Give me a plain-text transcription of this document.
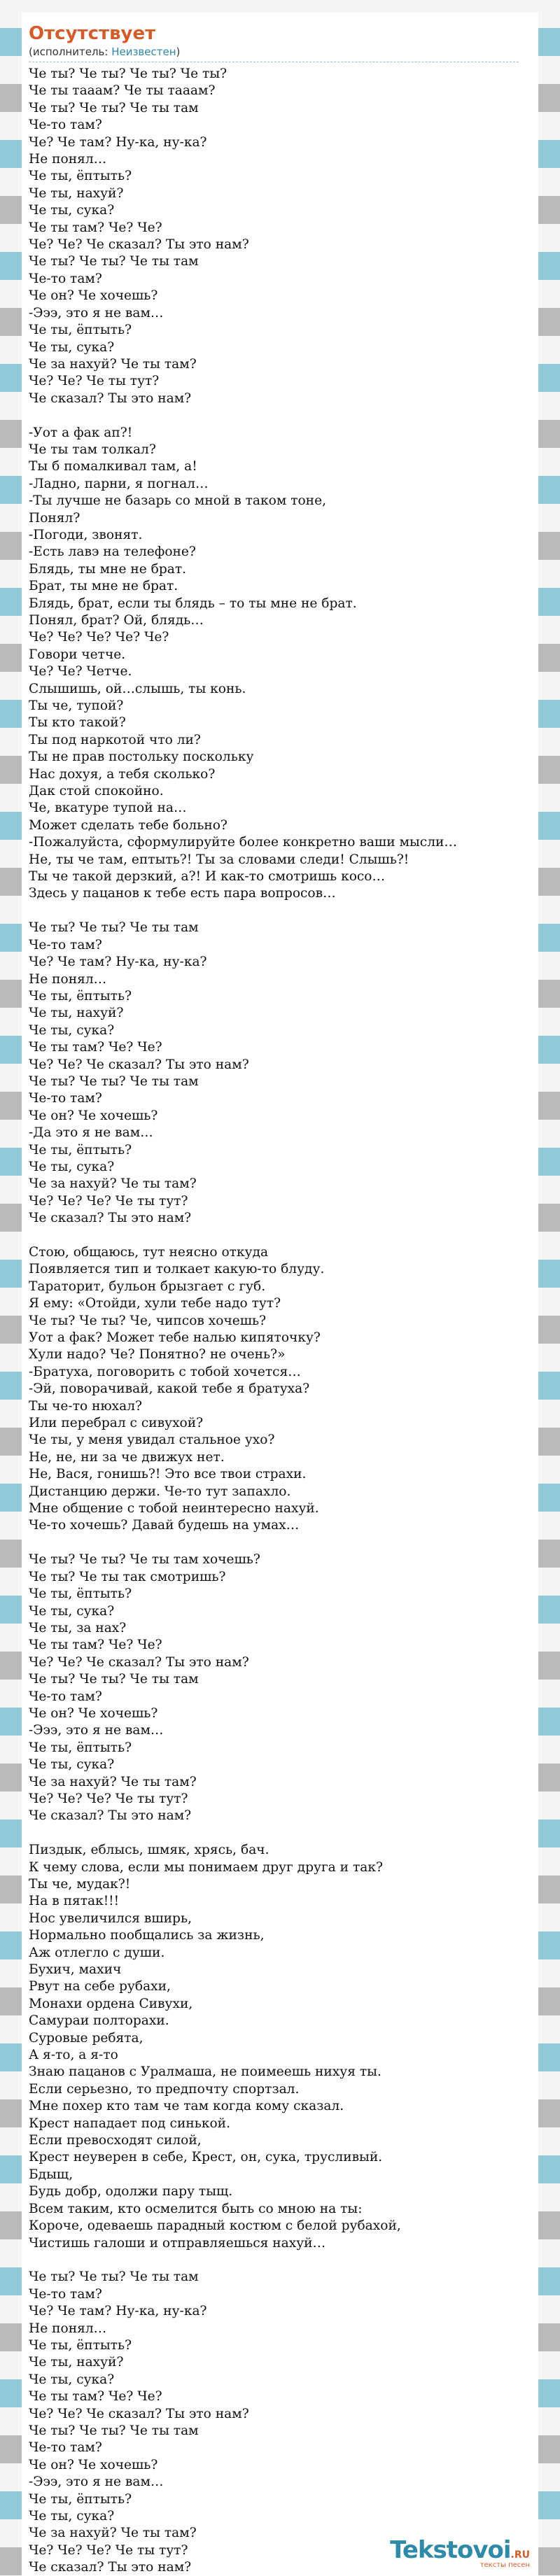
Отсутствует
(исполнитель: Неизвестен)
Че ты? Че ты? Че ты? Че ты?
Че ты тааам? Че ты тааам?
Че ты? Че ты? Че ты там
Че-то там?
Че? Че там? Ну-ка, ну-ка?
Не понял…
Че ты, ёптыть?
Че ты, нахуй?
Че ты, сука?
Че ты там? Че? Че?
Че? Че? Че сказал? Ты это нам?
Че ты? Че ты? Че ты там
Че-то там?
Че он? Че хочешь?
-Эээ, это я не вам…
Че ты, ёптыть?
Че ты, сука?
Че за нахуй? Че ты там?
Че? Че? Че ты тут?
Че сказал? Ты это нам?
-Уот а фак ап?!
Че ты там толкал?
Ты б помалкивал там, а!
-Ладно, парни, я погнал…
-Ты лучше не базарь со мной в таком тоне,
Понял?
-Погоди, звонят.
-Есть лавэ на телефоне?
Блядь, ты мне не брат.
Брат, ты мне не брат.
Блядь, брат, если ты блядь – то ты мне не брат.
Понял, брат? Ой, блядь…
Че? Че? Че? Че? Че?
Говори четче.
Че? Че? Четче.
Слышишь, ой…слышь, ты конь.
Ты че, тупой?
Ты кто такой?
Ты под наркотой что ли?
Ты не прав постольку поскольку
Нас дохуя, а тебя сколько?
Дак стой спокойно.
Че, вкатуре тупой на…
Может сделать тебе больно?
-Пожалуйста, сформулируйте более конкретно ваши мысли…
Не, ты че там, ептыть?! Ты за словами следи! Слышь?!
Ты че такой дерзкий, а?! И как-то смотришь косо…
Здесь у пацанов к тебе есть пара вопросов…
Че ты? Че ты? Че ты там
Че-то там?
Че? Че там? Ну-ка, ну-ка?
Не понял…
Че ты, ёптыть?
Че ты, нахуй?
Че ты, сука?
Че ты там? Че? Че?
Че? Че? Че сказал? Ты это нам?
Че ты? Че ты? Че ты там
Че-то там?
Че он? Че хочешь?
-Да это я не вам…
Че ты, ёптыть?
Че ты, сука?
Че за нахуй? Че ты там?
Че? Че? Че? Че ты тут?
Че сказал? Ты это нам?
Стою, общаюсь, тут неясно откуда
Появляется тип и толкает какую-то блуду.
Тараторит, бульон брызгает с губ.
Я ему: «Отойди, хули тебе надо тут?
Че ты? Че ты? Че, чипсов хочешь?
Уот а фак? Может тебе налью кипяточку?
Хули надо? Че? Понятно? не очень?»
-Братуха, поговорить с тобой хочется…
-Эй, поворачивай, какой тебе я братуха?
Ты че-то нюхал?
Или перебрал с сивухой?
Че ты, у меня увидал стальное ухо?
Не, не, ни за че движух нет.
Не, Вася, гонишь?! Это все твои страхи.
Дистанцию держи. Че-то тут запахло.
Мне общение с тобой неинтересно нахуй.
Че-то хочешь? Давай будешь на умах…
Че ты? Че ты? Че ты там хочешь?
Че ты? Че ты так смотришь?
Че ты, ёптыть?
Че ты, сука?
Че ты, за нах?
Че ты там? Че? Че?
Че? Че? Че сказал? Ты это нам?
Че ты? Че ты? Че ты там
Че-то там?
Че он? Че хочешь?
-Эээ, это я не вам…
Че ты, ёптыть?
Че ты, сука?
Че за нахуй? Че ты там?
Че? Че? Че? Че ты тут?
Че сказал? Ты это нам?
Пиздык, еблысь, шмяк, хрясь, бач.
К чему слова, если мы понимаем друг друга и так?
Ты че, мудак?!
На в пятак!!!
Нос увеличился вширь,
Нормально пообщались за жизнь,
Аж отлегло с души.
Бухич, махич
Рвут на себе рубахи,
Монахи ордена Сивухи,
Самураи полторахи.
Суровые ребята,
А я-то, а я-то
Знаю пацанов с Уралмаша, не поимеешь нихуя ты.
Если серьезно, то предпочту спортзал.
Мне похер кто там че там когда кому сказал.
Крест нападает под синькой.
Если превосходят силой,
Крест неуверен в себе, Крест, он, сука, трусливый.
Бдыщ,
Будь добр, одолжи пару тыщ.
Всем таким, кто осмелится быть со мною на ты:
Короче, одеваешь парадный костюм с белой рубахой,
Чистишь галоши и отправляешься нахуй…
Че ты? Че ты? Че ты там
Че-то там?
Че? Че там? Ну-ка, ну-ка?
Не понял…
Че ты, ёптыть?
Че ты, нахуй?
Че ты, сука?
Че ты там? Че? Че?
Че? Че? Че сказал? Ты это нам?
Че ты? Че ты? Че ты там
Че-то там?
Че он? Че хочешь?
-Эээ, это я не вам…
Че ты, ёптыть?
Че ты, сука?
Че за нахуй? Че ты там?
Че? Че? Че? Че ты тут?
Че сказал? Ты это нам?
Tekstovoi.RU
тексты песен
